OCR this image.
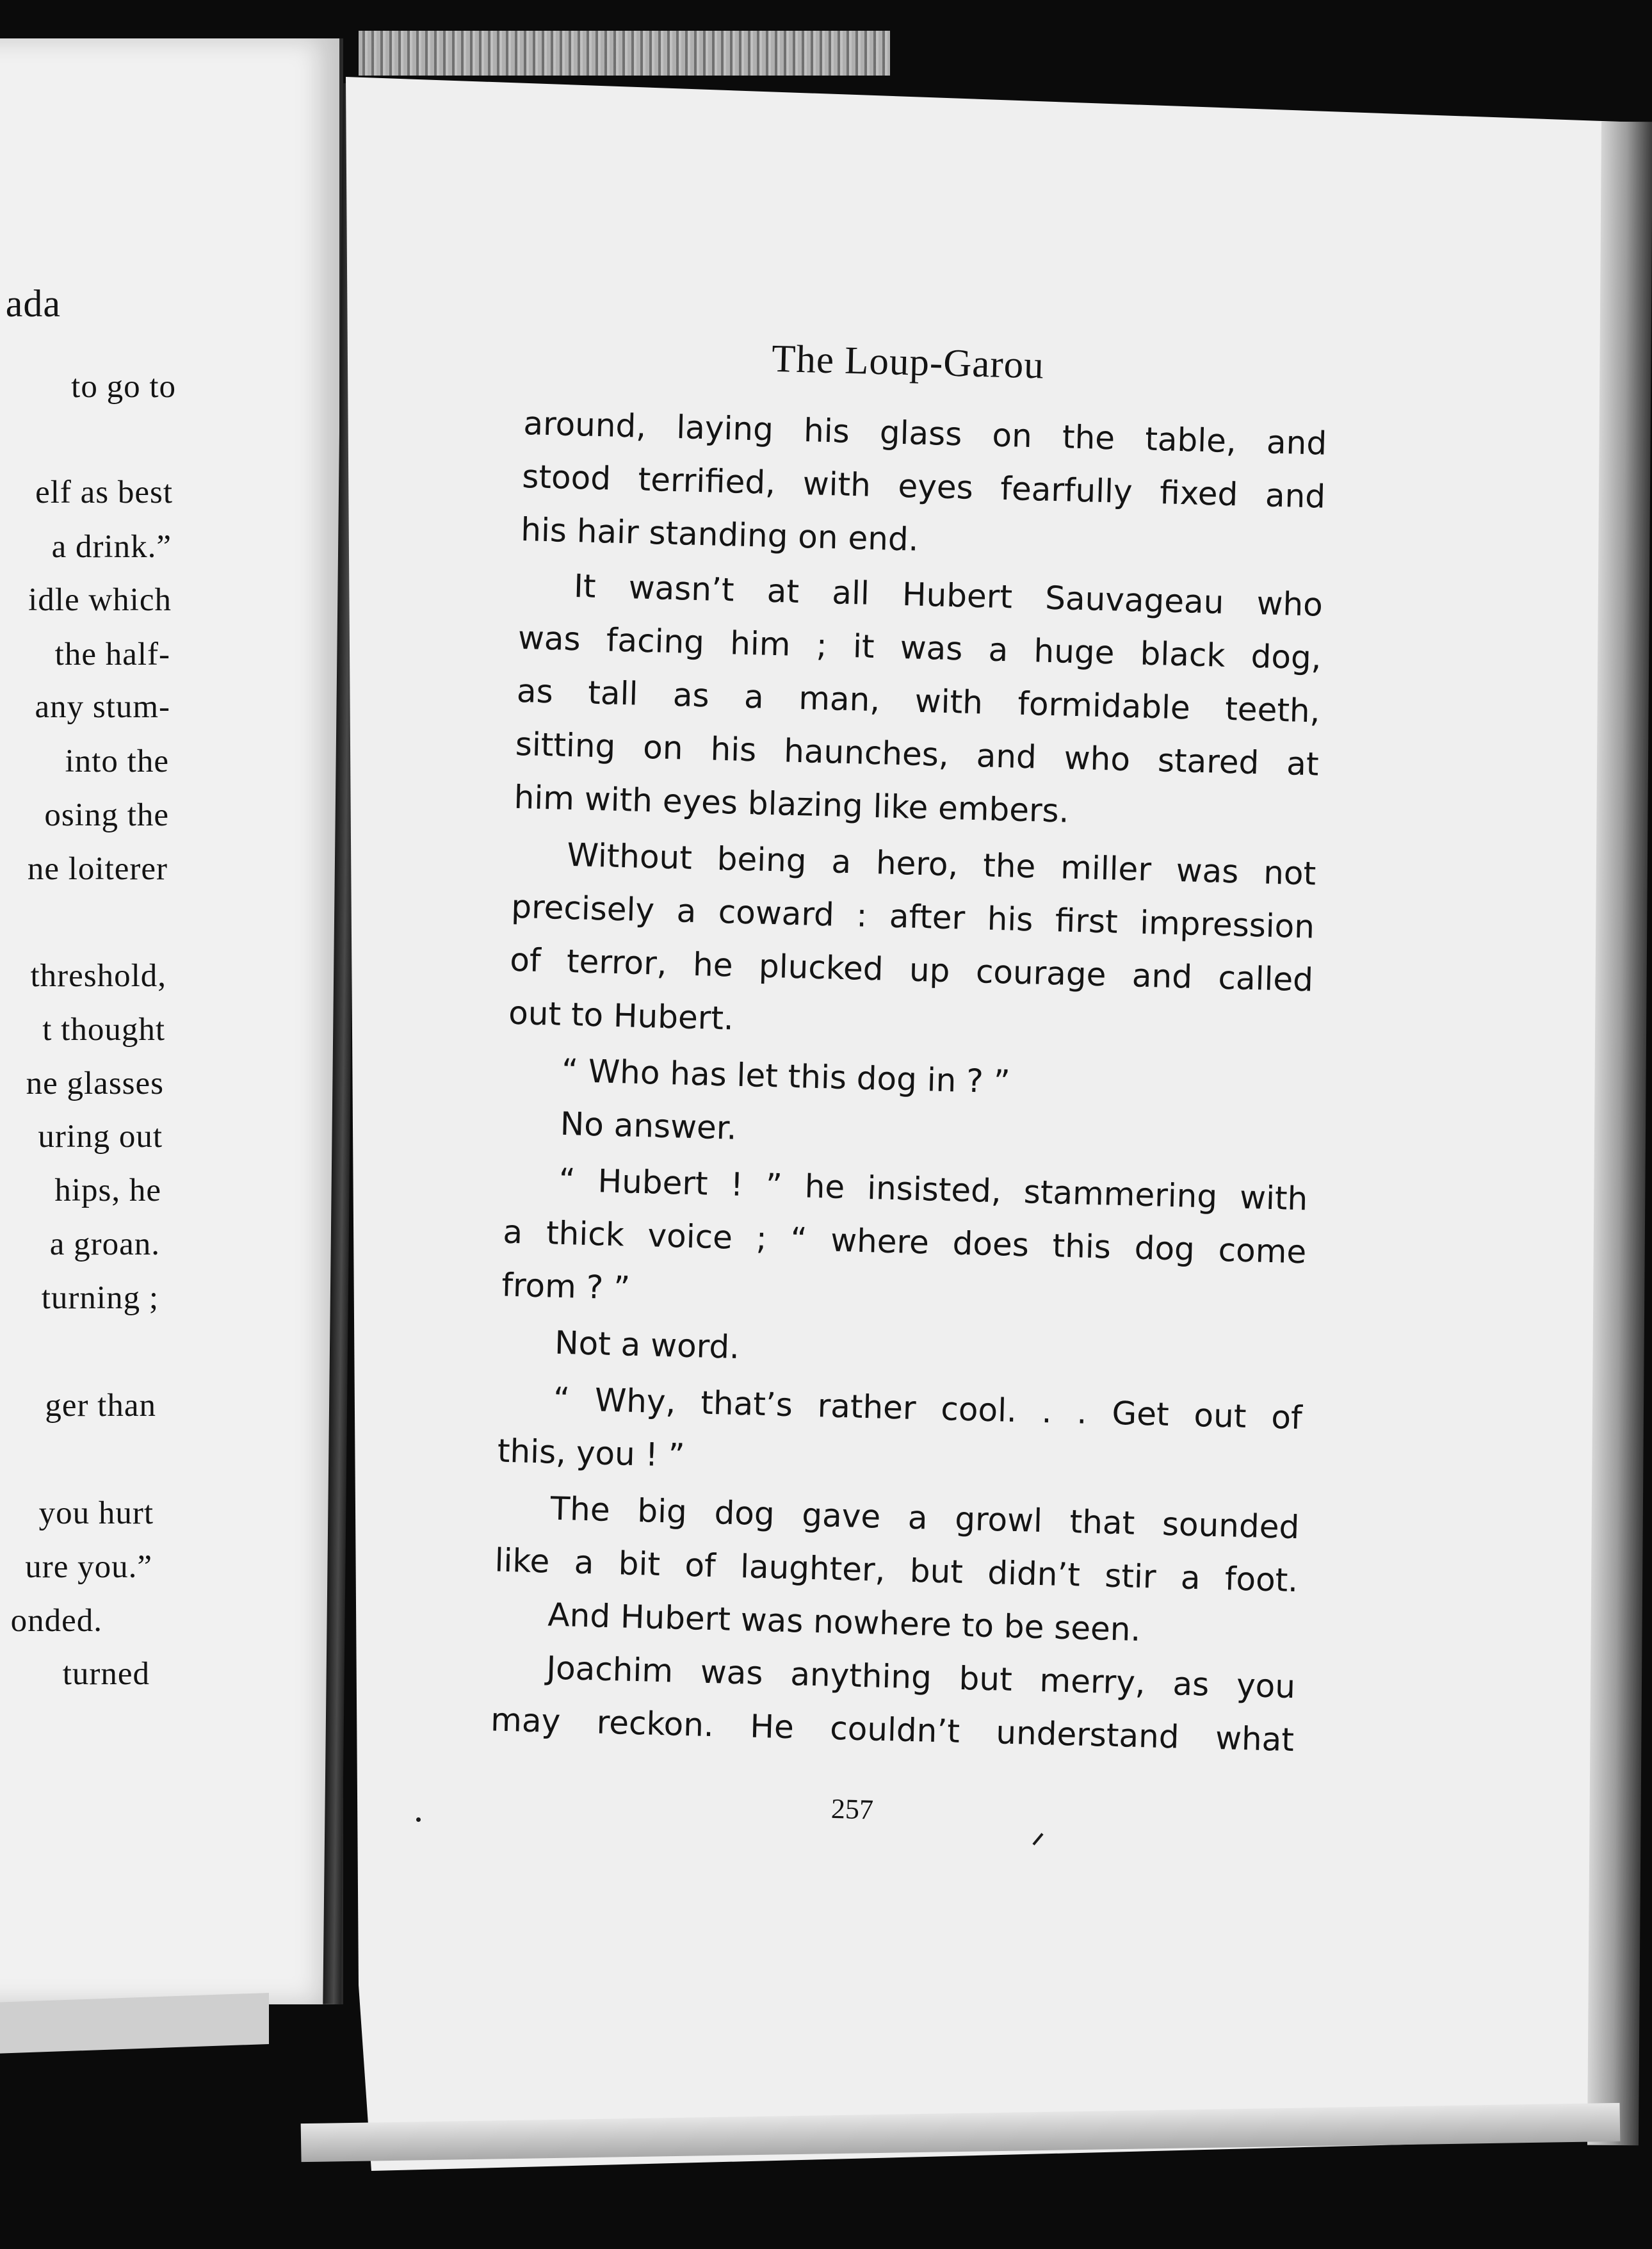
ada
to go to
elf as best
a drink.”
idle which
the half-
any stum-
into the
osing the
ne loiterer
threshold,
t thought
ne glasses
uring out
hips, he
a groan.
turning ;
ger than
you hurt
ure you.”
onded.
turned
The Loup-Garou
around, laying his glass on the table, and
stood terrified, with eyes fearfully fixed and
his hair standing on end.
It wasn’t at all Hubert Sauvageau who
was facing him ; it was a huge black dog,
as tall as a man, with formidable teeth,
sitting on his haunches, and who stared at
him with eyes blazing like embers.
Without being a hero, the miller was not
precisely a coward : after his first impression
of terror, he plucked up courage and called
out to Hubert.
“ Who has let this dog in ? ”
No answer.
“ Hubert ! ” he insisted, stammering with
a thick voice ; “ where does this dog come
from ? ”
Not a word.
“ Why, that’s rather cool. . . Get out of
this, you ! ”
The big dog gave a growl that sounded
like a bit of laughter, but didn’t stir a foot.
And Hubert was nowhere to be seen.
Joachim was anything but merry, as you
may reckon. He couldn’t understand what
257
